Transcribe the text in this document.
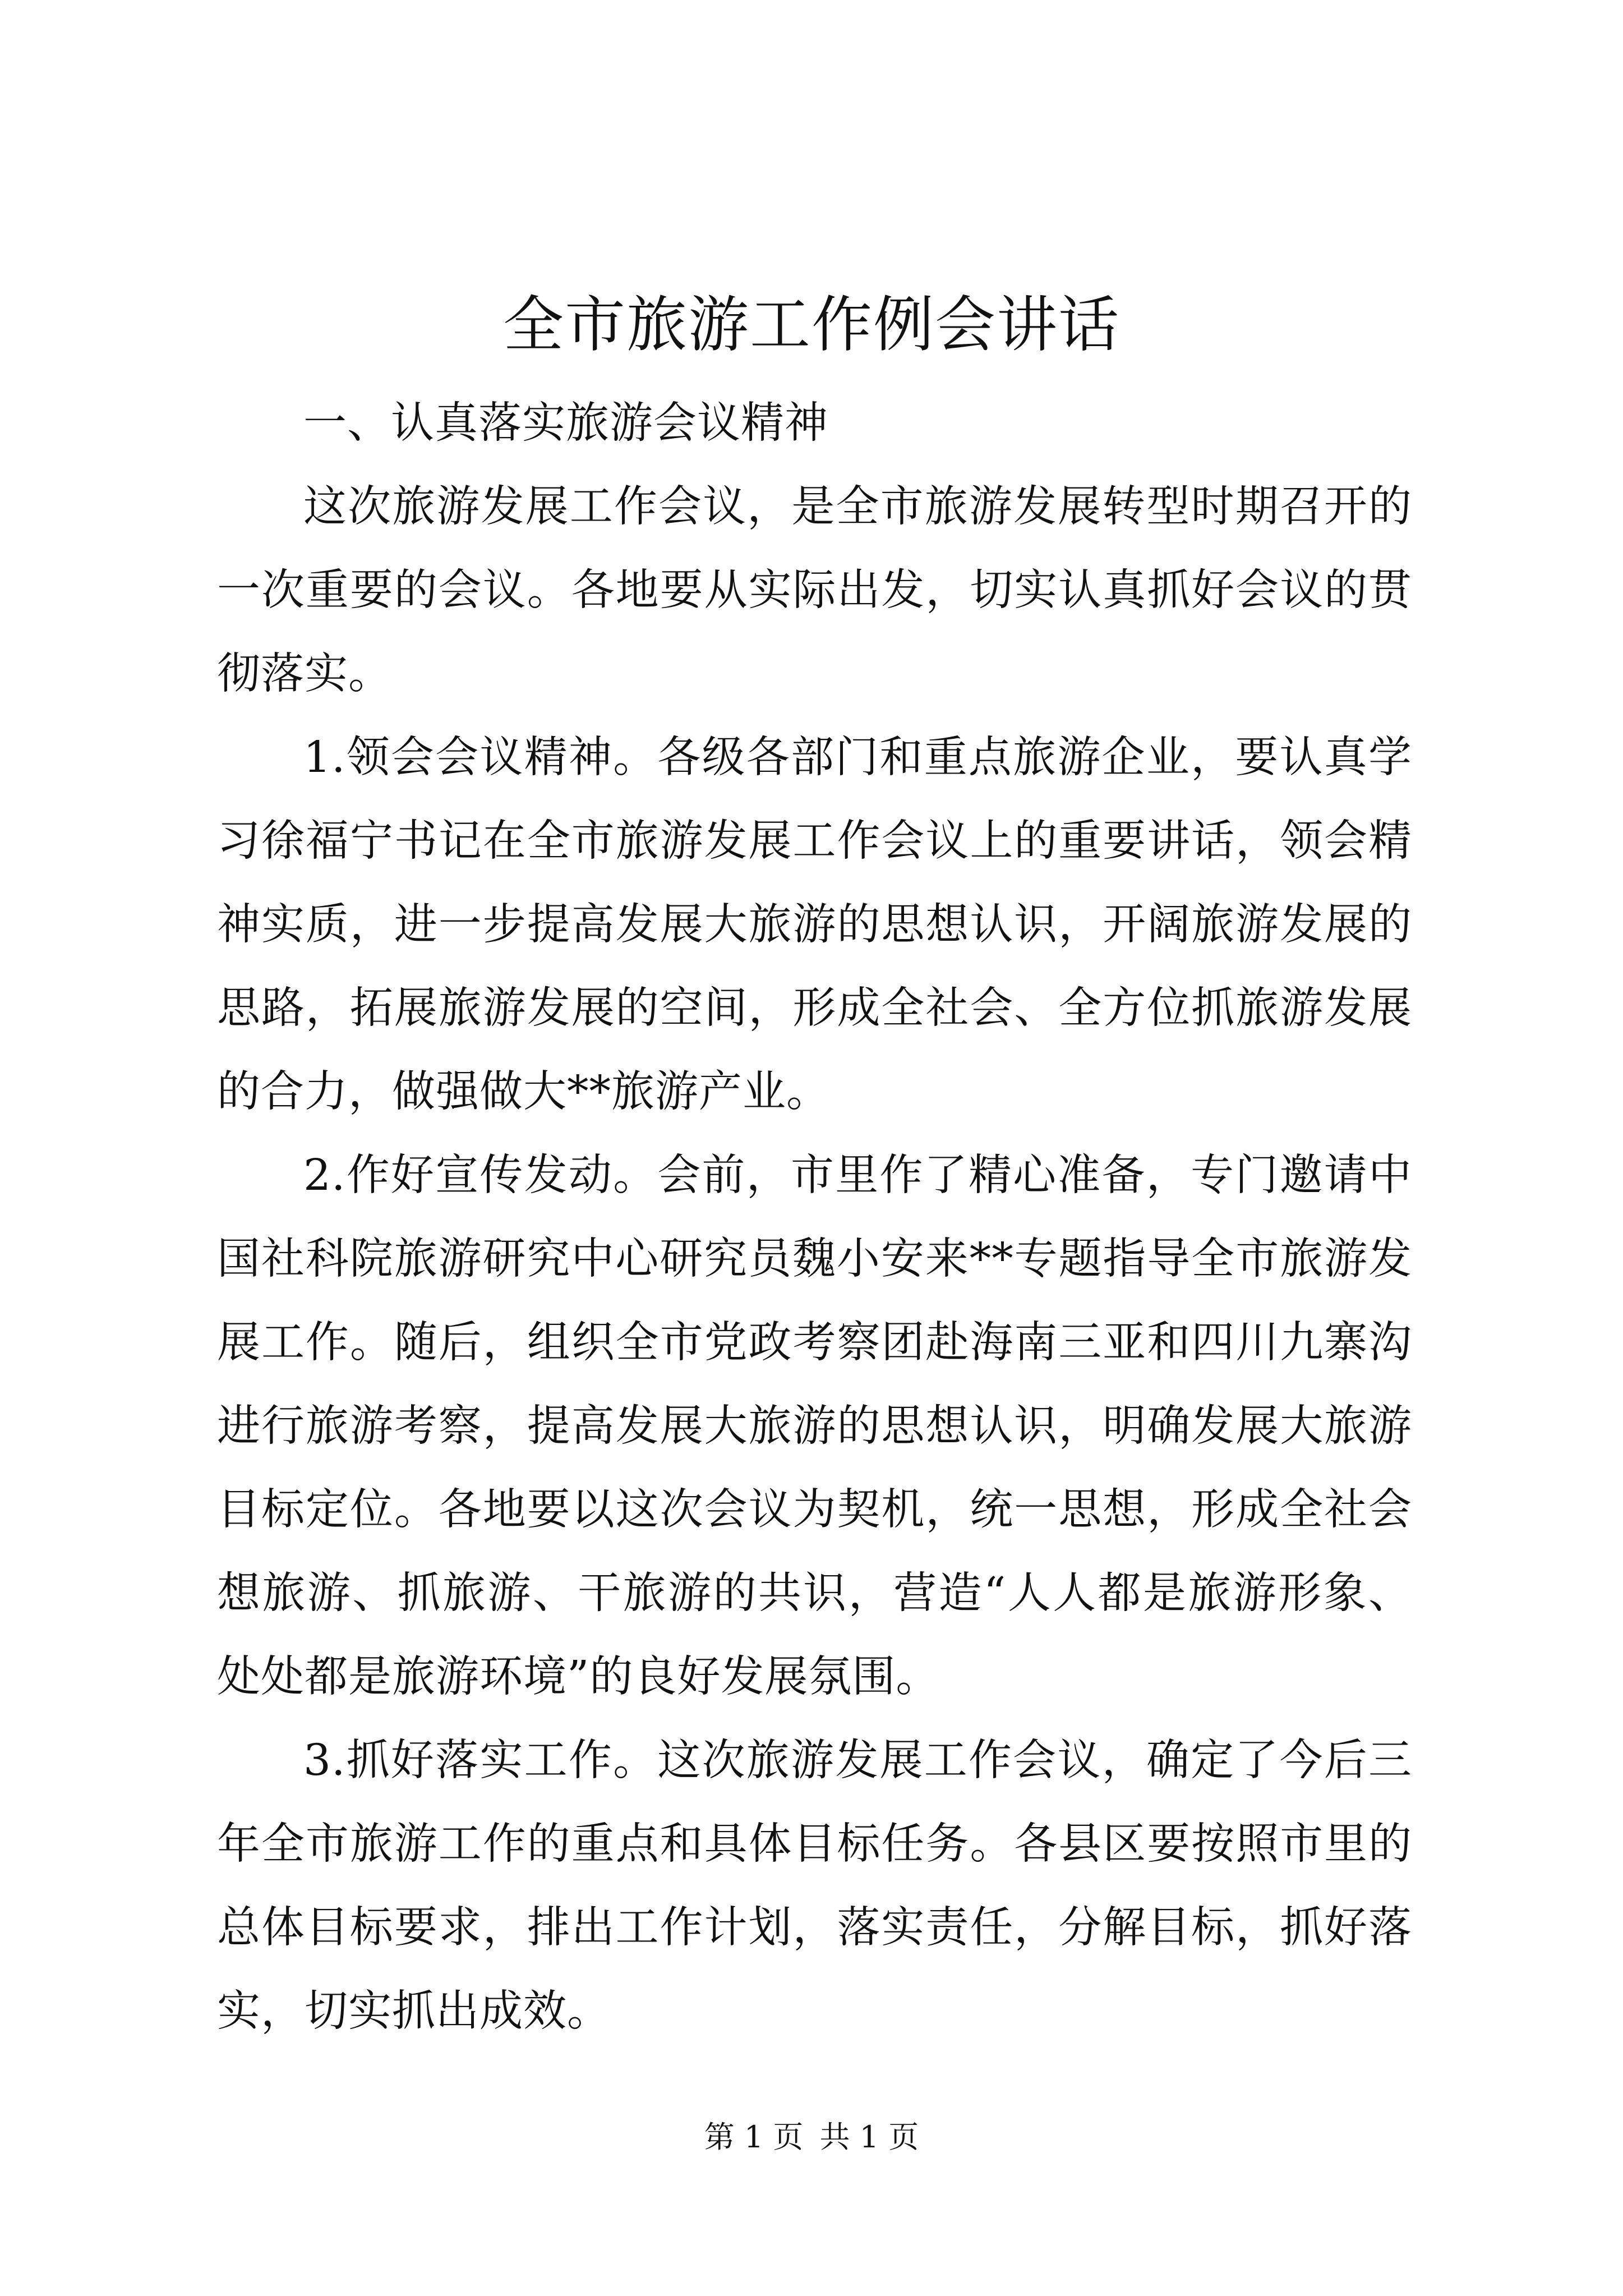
全市旅游工作例会讲话

一、认真落实旅游会议精神

这次旅游发展工作会议，是全市旅游发展转型时期召开的一次重要的会议。各地要从实际出发，切实认真抓好会议的贯彻落实。

1.领会会议精神。各级各部门和重点旅游企业，要认真学习徐福宁书记在全市旅游发展工作会议上的重要讲话，领会精神实质，进一步提高发展大旅游的思想认识，开阔旅游发展的思路，拓展旅游发展的空间，形成全社会、全方位抓旅游发展的合力，做强做大**旅游产业。

2.作好宣传发动。会前，市里作了精心准备，专门邀请中国社科院旅游研究中心研究员魏小安来**专题指导全市旅游发展工作。随后，组织全市党政考察团赴海南三亚和四川九寨沟进行旅游考察，提高发展大旅游的思想认识，明确发展大旅游目标定位。各地要以这次会议为契机，统一思想，形成全社会想旅游、抓旅游、干旅游的共识，营造“人人都是旅游形象、处处都是旅游环境”的良好发展氛围。

3.抓好落实工作。这次旅游发展工作会议，确定了今后三年全市旅游工作的重点和具体目标任务。各县区要按照市里的总体目标要求，排出工作计划，落实责任，分解目标，抓好落实，切实抓出成效。

第 1 页 共 1 页
